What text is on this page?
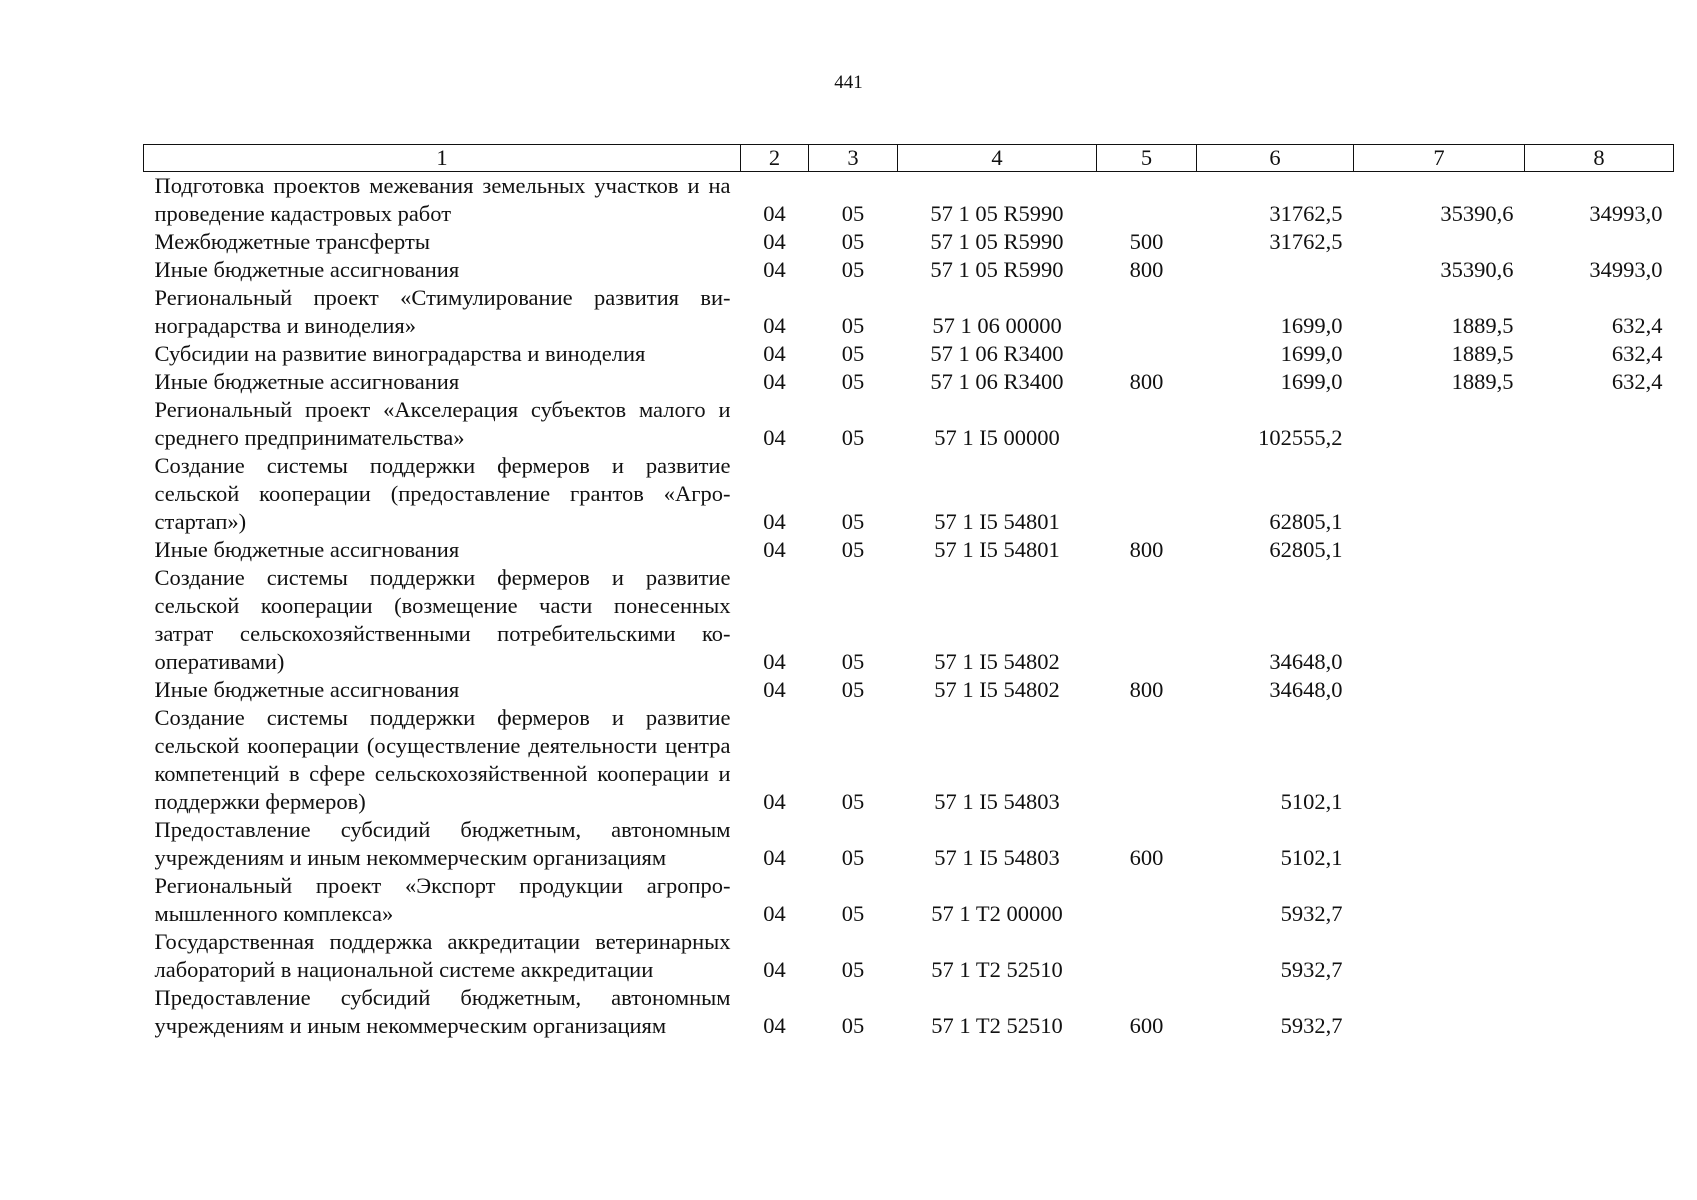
441
1	2	3	4	5	6	7	8
Подготовка проектов межевания земельных участков и на проведение кадастровых работ	04	05	57 1 05 R5990		31762,5	35390,6	34993,0
Межбюджетные трансферты	04	05	57 1 05 R5990	500	31762,5		
Иные бюджетные ассигнования	04	05	57 1 05 R5990	800		35390,6	34993,0
Региональный проект «Стимулирование развития виноградарства и виноделия»	04	05	57 1 06 00000		1699,0	1889,5	632,4
Субсидии на развитие виноградарства и виноделия	04	05	57 1 06 R3400		1699,0	1889,5	632,4
Иные бюджетные ассигнования	04	05	57 1 06 R3400	800	1699,0	1889,5	632,4
Региональный проект «Акселерация субъектов малого и среднего предпринимательства»	04	05	57 1 I5 00000		102555,2		
Создание системы поддержки фермеров и развитие сельской кооперации (предоставление грантов «Агростартап»)	04	05	57 1 I5 54801		62805,1		
Иные бюджетные ассигнования	04	05	57 1 I5 54801	800	62805,1		
Создание системы поддержки фермеров и развитие сельской кооперации (возмещение части понесенных затрат сельскохозяйственными потребительскими кооперативами)	04	05	57 1 I5 54802		34648,0		
Иные бюджетные ассигнования	04	05	57 1 I5 54802	800	34648,0		
Создание системы поддержки фермеров и развитие сельской кооперации (осуществление деятельности центра компетенций в сфере сельскохозяйственной кооперации и поддержки фермеров)	04	05	57 1 I5 54803		5102,1		
Предоставление субсидий бюджетным, автономным учреждениям и иным некоммерческим организациям	04	05	57 1 I5 54803	600	5102,1		
Региональный проект «Экспорт продукции агропромышленного комплекса»	04	05	57 1 T2 00000		5932,7		
Государственная поддержка аккредитации ветеринарных лабораторий в национальной системе аккредитации	04	05	57 1 T2 52510		5932,7		
Предоставление субсидий бюджетным, автономным учреждениям и иным некоммерческим организациям	04	05	57 1 T2 52510	600	5932,7		
